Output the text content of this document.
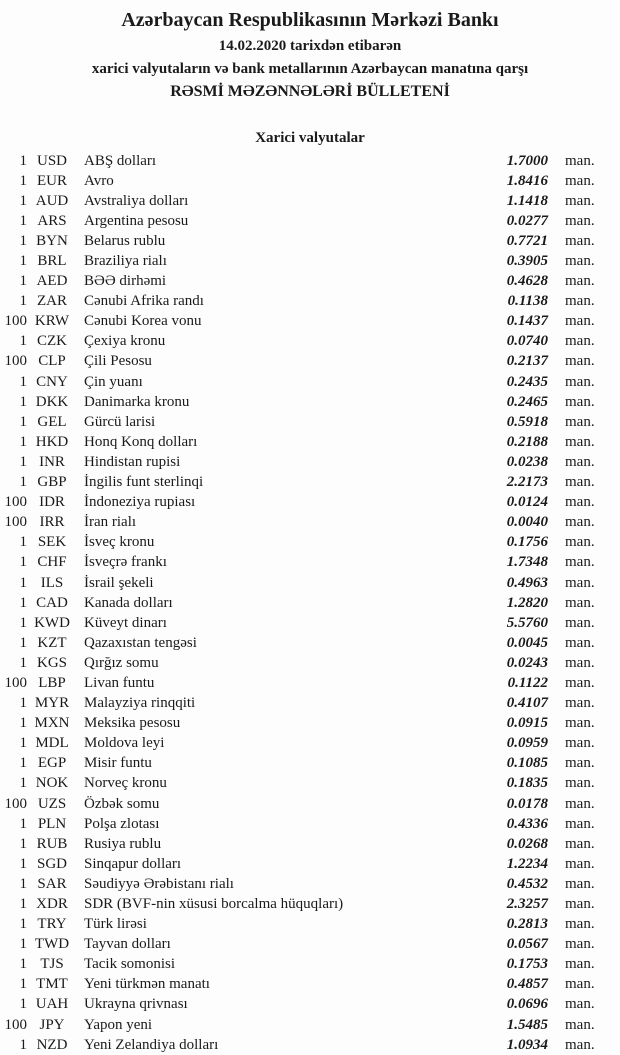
Azərbaycan Respublikasının Mərkəzi Bankı
14.02.2020 tarixdən etibarən
xarici valyutaların və bank metallarının Azərbaycan manatına qarşı
RƏSMİ MƏZƏNNƏLƏRİ BÜLLETENİ
Xarici valyutalar
1 USD	ABŞ dolları	1.7000	man.
1 EUR	Avro	1.8416	man.
1 AUD	Avstraliya dolları	1.1418	man.
1 ARS	Argentina pesosu	0.0277	man.
1 BYN	Belarus rublu	0.7721	man.
1 BRL	Braziliya rialı	0.3905	man.
1 AED	BƏƏ dirhəmi	0.4628	man.
1 ZAR	Cənubi Afrika randı	0.1138	man.
100 KRW Cənubi Korea vonu	0.1437	man.
1 CZK	Çexiya kronu	0.0740	man.
100 CLP	Çili Pesosu	0.2137	man.
1 CNY	Çin yuanı	0.2435	man.
1 DKK	Danimarka kronu	0.2465	man.
1 GEL	Gürcü larisi	0.5918	man.
1 HKD	Honq Konq dolları	0.2188	man.
1 INR	Hindistan rupisi	0.0238	man.
1 GBP	İngilis funt sterlinqi	2.2173	man.
100 IDR	İndoneziya rupiası	0.0124	man.
100 IRR	İran rialı	0.0040	man.
1 SEK	İsveç kronu	0.1756	man.
1 CHF	İsveçrə frankı	1.7348	man.
1 ILS	İsrail şekeli	0.4963	man.
1 CAD	Kanada dolları	1.2820	man.
1 KWD Küveyt dinarı	5.5760	man.
1 KZT	Qazaxıstan tengəsi	0.0045	man.
1 KGS	Qırğız somu	0.0243	man.
100 LBP	Livan funtu	0.1122	man.
1 MYR Malayziya rinqqiti	0.4107	man.
1 MXN Meksika pesosu	0.0915	man.
1 MDL	Moldova leyi	0.0959	man.
1 EGP	Misir funtu	0.1085	man.
1 NOK	Norveç kronu	0.1835	man.
100 UZS	Özbək somu	0.0178	man.
1 PLN	Polşa zlotası	0.4336	man.
1 RUB	Rusiya rublu	0.0268	man.
1 SGD	Sinqapur dolları	1.2234	man.
1 SAR	Səudiyyə Ərəbistanı rialı	0.4532	man.
1 XDR	SDR (BVF-nin xüsusi borcalma hüquqları)	2.3257	man.
1 TRY	Türk lirəsi	0.2813	man.
1 TWD Tayvan dolları	0.0567	man.
1 TJS	Tacik somonisi	0.1753	man.
1 TMT	Yeni türkmən manatı	0.4857	man.
1 UAH	Ukrayna qrivnası	0.0696	man.
100 JPY	Yapon yeni	1.5485	man.
1 NZD	Yeni Zelandiya dolları	1.0934	man.
